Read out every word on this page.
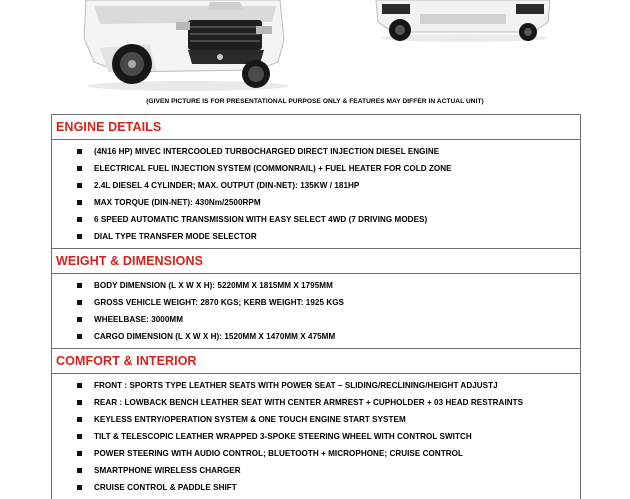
(GIVEN PICTURE IS FOR PRESENTATIONAL PURPOSE ONLY & FEATURES MAY DIFFER IN ACTUAL UNIT)
ENGINE DETAILS
(4N16 HP) MIVEC INTERCOOLED TURBOCHARGED DIRECT INJECTION DIESEL ENGINE
ELECTRICAL FUEL INJECTION SYSTEM (COMMONRAIL) + FUEL HEATER FOR COLD ZONE
2.4L DIESEL 4 CYLINDER; MAX. OUTPUT (DIN-NET): 135KW / 181HP
MAX TORQUE (DIN-NET): 430Nm/2500RPM
6 SPEED AUTOMATIC TRANSMISSION WITH EASY SELECT 4WD (7 DRIVING MODES)
DIAL TYPE TRANSFER MODE SELECTOR
WEIGHT & DIMENSIONS
BODY DIMENSION (L X W X H): 5220MM X 1815MM X 1795MM
GROSS VEHICLE WEIGHT: 2870 KGS; KERB WEIGHT: 1925 KGS
WHEELBASE: 3000MM
CARGO DIMENSION (L X W X H): 1520MM X 1470MM X 475MM
COMFORT & INTERIOR
FRONT : SPORTS TYPE LEATHER SEATS WITH POWER SEAT – SLIDING/RECLINING/HEIGHT ADJUSTJ
REAR : LOWBACK BENCH LEATHER SEAT WITH CENTER ARMREST + CUPHOLDER + 03 HEAD RESTRAINTS
KEYLESS ENTRY/OPERATION SYSTEM & ONE TOUCH ENGINE START SYSTEM
TILT & TELESCOPIC LEATHER WRAPPED 3-SPOKE STEERING WHEEL WITH CONTROL SWITCH
POWER STEERING WITH AUDIO CONTROL; BLUETOOTH + MICROPHONE; CRUISE CONTROL
SMARTPHONE WIRELESS CHARGER
CRUISE CONTROL & PADDLE SHIFT
